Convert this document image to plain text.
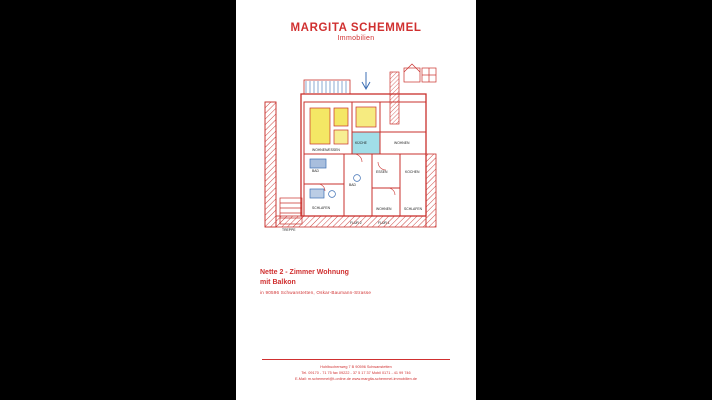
MARGITA SCHEMMEL
Immobilien
WOHNEN/ESSEN
KÜCHE	WOHNEN
BAD
SCHLAFEN
BAD
ESSEN	KOCHEN
WOHNEN	SCHLAFEN
FLUR 2	FLUR 1
TREPPE
Nette 2 - Zimmer Wohnung
mit Balkon
in 90596 Schwanstetten, Oskar-Baumann-Strasse
Hohlbuchenweg 7 B 90596 Schwanstetten
Tel. 09170 - 71 75 fax 09222 - 37 5 17 37 Mobil 0171 - 41 99 746
E-Mail: m.schemmel@t-online.de www.margita-schemmel-immobilien.de
